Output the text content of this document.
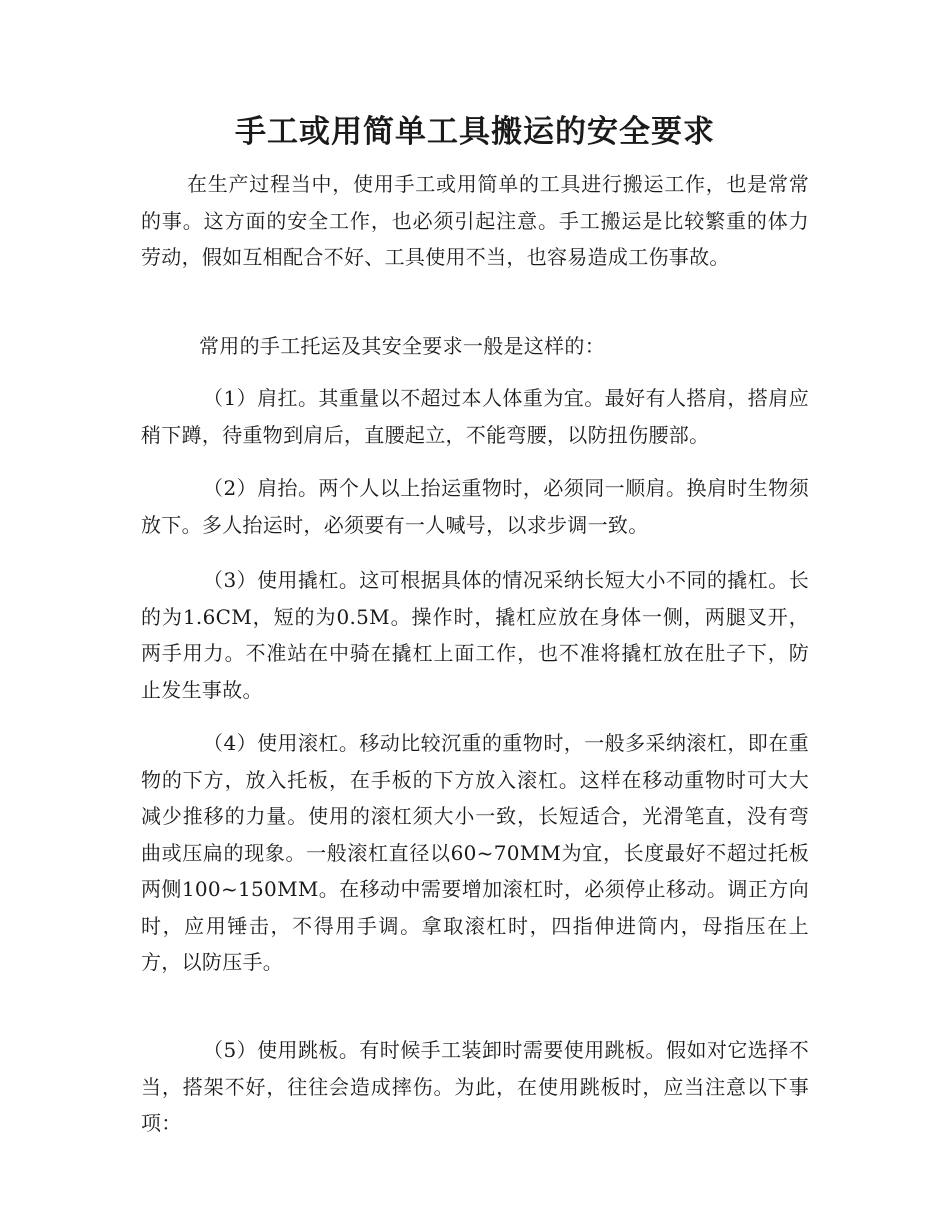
手工或用简单工具搬运的安全要求

在生产过程当中，使用手工或用简单的工具进行搬运工作，也是常常的事。这方面的安全工作，也必须引起注意。手工搬运是比较繁重的体力劳动，假如互相配合不好、工具使用不当，也容易造成工伤事故。

常用的手工托运及其安全要求一般是这样的：

（1）肩扛。其重量以不超过本人体重为宜。最好有人搭肩，搭肩应稍下蹲，待重物到肩后，直腰起立，不能弯腰，以防扭伤腰部。

（2）肩抬。两个人以上抬运重物时，必须同一顺肩。换肩时生物须放下。多人抬运时，必须要有一人喊号，以求步调一致。

（3）使用撬杠。这可根据具体的情况采纳长短大小不同的撬杠。长的为1.6CM，短的为0.5M。操作时，撬杠应放在身体一侧，两腿叉开，两手用力。不准站在中骑在撬杠上面工作，也不准将撬杠放在肚子下，防止发生事故。

（4）使用滚杠。移动比较沉重的重物时，一般多采纳滚杠，即在重物的下方，放入托板，在手板的下方放入滚杠。这样在移动重物时可大大减少推移的力量。使用的滚杠须大小一致，长短适合，光滑笔直，没有弯曲或压扁的现象。一般滚杠直径以60~70MM为宜，长度最好不超过托板两侧100~150MM。在移动中需要增加滚杠时，必须停止移动。调正方向时，应用锤击，不得用手调。拿取滚杠时，四指伸进筒内，母指压在上方，以防压手。

（5）使用跳板。有时候手工装卸时需要使用跳板。假如对它选择不当，搭架不好，往往会造成摔伤。为此，在使用跳板时，应当注意以下事项：
